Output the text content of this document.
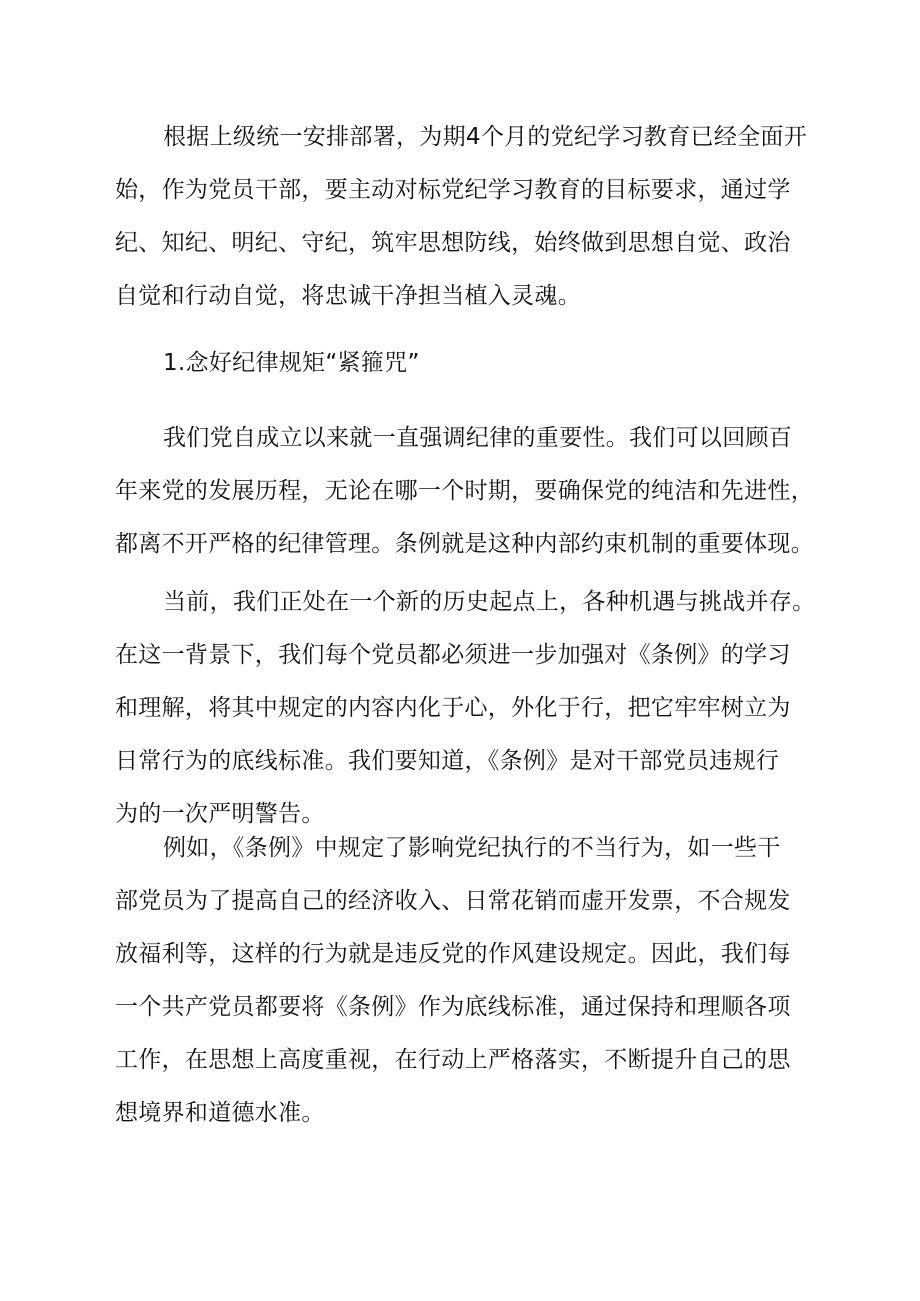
根据上级统一安排部署，为期4个月的党纪学习教育已经全面开
始，作为党员干部，要主动对标党纪学习教育的目标要求，通过学
纪、知纪、明纪、守纪，筑牢思想防线，始终做到思想自觉、政治
自觉和行动自觉，将忠诚干净担当植入灵魂。
1.念好纪律规矩“紧箍咒”
我们党自成立以来就一直强调纪律的重要性。我们可以回顾百
年来党的发展历程，无论在哪一个时期，要确保党的纯洁和先进性，
都离不开严格的纪律管理。条例就是这种内部约束机制的重要体现。
当前，我们正处在一个新的历史起点上，各种机遇与挑战并存。
在这一背景下，我们每个党员都必须进一步加强对《条例》的学习
和理解，将其中规定的内容内化于心，外化于行，把它牢牢树立为
日常行为的底线标准。我们要知道，《条例》是对干部党员违规行
为的一次严明警告。
例如，《条例》中规定了影响党纪执行的不当行为，如一些干
部党员为了提高自己的经济收入、日常花销而虚开发票，不合规发
放福利等，这样的行为就是违反党的作风建设规定。因此，我们每
一个共产党员都要将《条例》作为底线标准，通过保持和理顺各项
工作，在思想上高度重视，在行动上严格落实，不断提升自己的思
想境界和道德水准。
